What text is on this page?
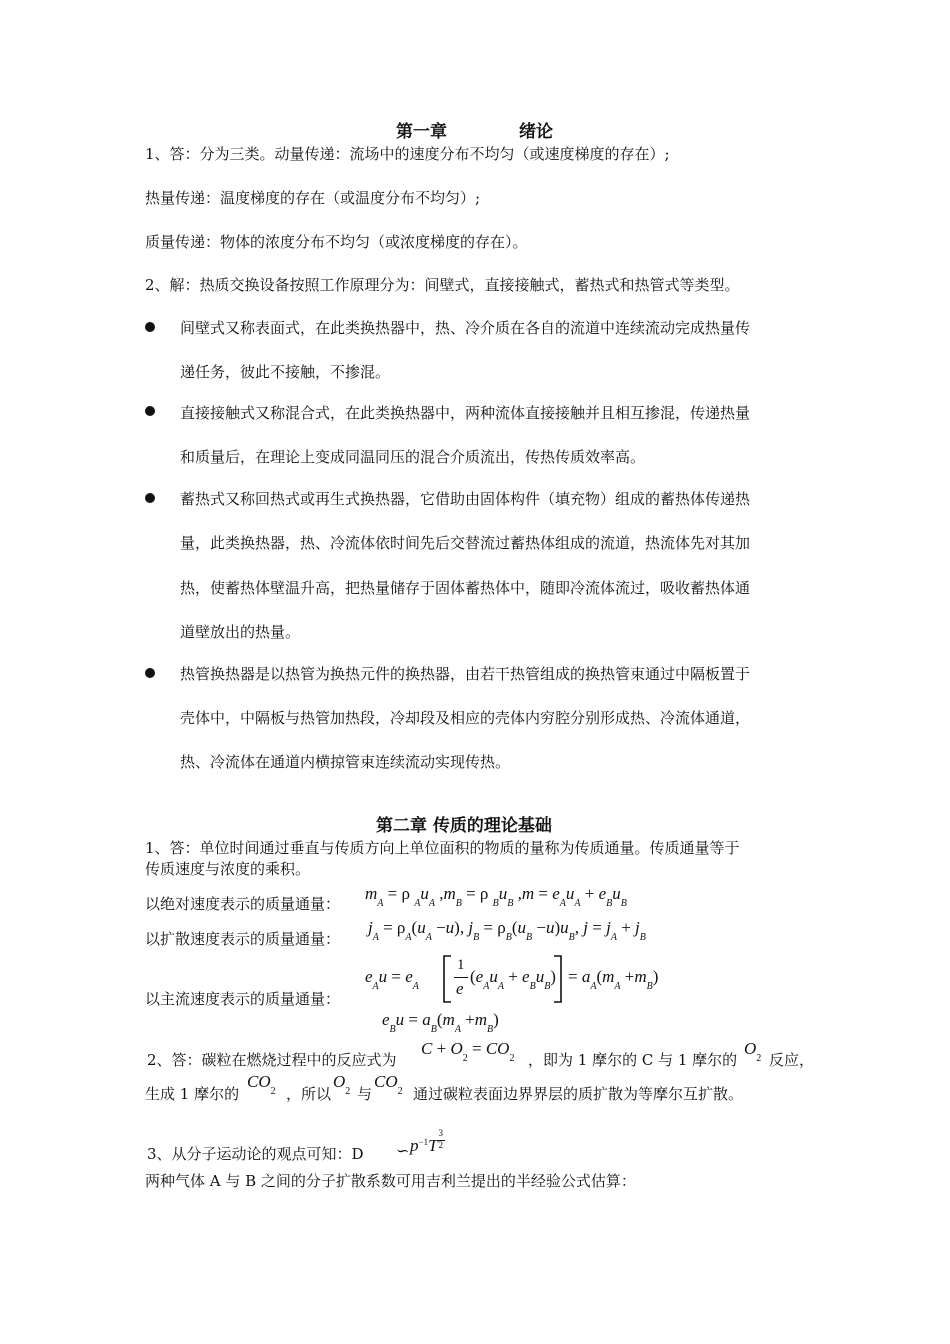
第一章	绪论
1、答：分为三类。动量传递：流场中的速度分布不均匀（或速度梯度的存在）;
热量传递：温度梯度的存在（或温度分布不均匀）;
质量传递：物体的浓度分布不均匀（或浓度梯度的存在）。
2、解：热质交换设备按照工作原理分为：间壁式，直接接触式，蓄热式和热管式等类型。
间壁式又称表面式，在此类换热器中，热、冷介质在各自的流道中连续流动完成热量传
递任务，彼此不接触，不掺混。
直接接触式又称混合式，在此类换热器中，两种流体直接接触并且相互掺混，传递热量
和质量后，在理论上变成同温同压的混合介质流出，传热传质效率高。
蓄热式又称回热式或再生式换热器，它借助由固体构件（填充物）组成的蓄热体传递热
量，此类换热器，热、冷流体依时间先后交替流过蓄热体组成的流道，热流体先对其加
热，使蓄热体壁温升高，把热量储存于固体蓄热体中，随即冷流体流过，吸收蓄热体通
道壁放出的热量。
热管换热器是以热管为换热元件的换热器，由若干热管组成的换热管束通过中隔板置于
壳体中，中隔板与热管加热段，冷却段及相应的壳体内穷腔分别形成热、冷流体通道，
热、冷流体在通道内横掠管束连续流动实现传热。
第二章 传质的理论基础
1、答：单位时间通过垂直与传质方向上单位面积的物质的量称为传质通量。传质通量等于
传质速度与浓度的乘积。
以绝对速度表示的质量通量：
$m_A = \rho$ $_Au_A$ $,m_B = \rho$ $_Bu_B$ $,m = e_Au_A + e_Bu_B$
以扩散速度表示的质量通量：
$j_A = \rho_A(u_A -u)$, $j_B = \rho_B(u_B -u)u_B$, $j = j_A + j_B$
$e_Au = e_A$
1
e
$(e_Au_A + e_Bu_B) = a_A(m_A +m_B)$
以主流速度表示的质量通量：
$e_Bu = a_B(m_A +m_B)$
2、答：碳粒在燃烧过程中的反应式为
$C + O_2 = CO_2$ ，即为 1 摩尔的 C 与 1 摩尔的
$O_2$ 反应，
生成 1 摩尔的
$CO_2$ ，所以
$O_2$ 与
$CO_2$ 通过碳粒表面边界界层的质扩散为等摩尔互扩散。
3、从分子运动论的观点可知：D ∽ $p^{-1}T \frac{3}{2}$
两种气体 A 与 B 之间的分子扩散系数可用吉利兰提出的半经验公式估算：
